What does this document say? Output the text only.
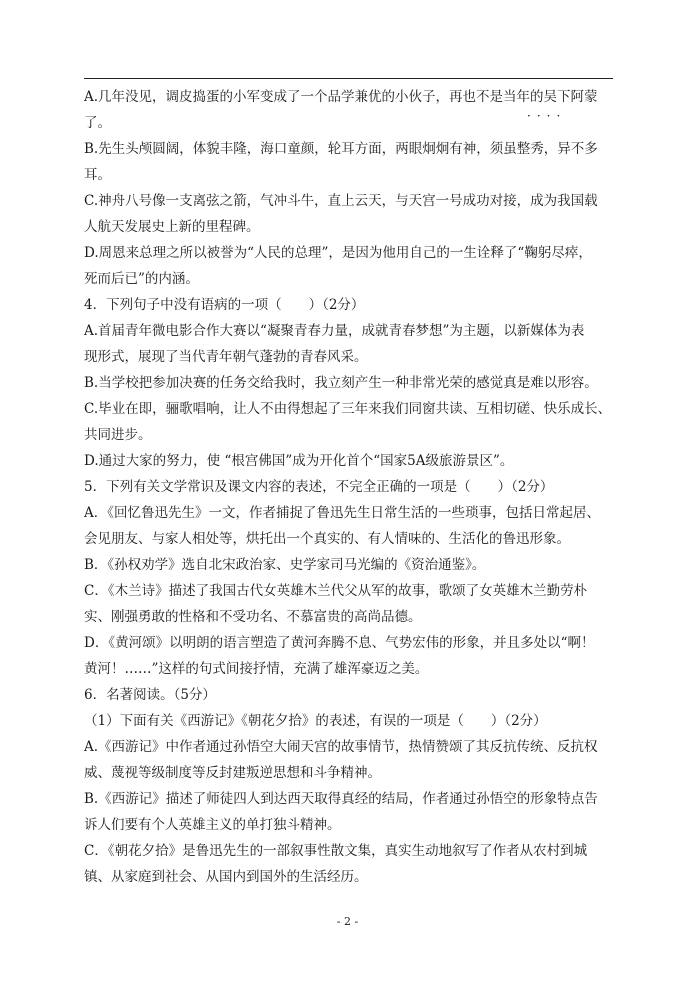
····
A.几年没见，调皮捣蛋的小军变成了一个品学兼优的小伙子，再也不是当年的吴下阿蒙
了。
B.先生头颅圆阔，体貌丰隆，海口童颜，轮耳方面，两眼炯炯有神，须虽整秀，异不多
耳。
C.神舟八号像一支离弦之箭，气冲斗牛，直上云天，与天宫一号成功对接，成为我国载
人航天发展史上新的里程碑。
D.周恩来总理之所以被誉为“人民的总理”，是因为他用自己的一生诠释了“鞠躬尽瘁，
死而后已”的内涵。
4．下列句子中没有语病的一项（　　）（2分）
A.首届青年微电影合作大赛以“凝聚青春力量，成就青春梦想”为主题，以新媒体为表
现形式，展现了当代青年朝气蓬勃的青春风采。
B.当学校把参加决赛的任务交给我时，我立刻产生一种非常光荣的感觉真是难以形容。
C.毕业在即，骊歌唱响，让人不由得想起了三年来我们同窗共读、互相切磋、快乐成长、
共同进步。
D.通过大家的努力，使 “根宫佛国”成为开化首个“国家5A级旅游景区”。
5．下列有关文学常识及课文内容的表述，不完全正确的一项是（　　）（2分）
A．《回忆鲁迅先生》一文，作者捕捉了鲁迅先生日常生活的一些琐事，包括日常起居、
会见朋友、与家人相处等，烘托出一个真实的、有人情味的、生活化的鲁迅形象。
B．《孙权劝学》选自北宋政治家、史学家司马光编的《资治通鉴》。
C．《木兰诗》描述了我国古代女英雄木兰代父从军的故事，歌颂了女英雄木兰勤劳朴
实、刚强勇敢的性格和不受功名、不慕富贵的高尚品德。
D．《黄河颂》以明朗的语言塑造了黄河奔腾不息、气势宏伟的形象，并且多处以“啊！
黄河！……”这样的句式间接抒情，充满了雄浑豪迈之美。
6．名著阅读。（5分）
（1）下面有关《西游记》《朝花夕拾》的表述，有误的一项是（　　）（2分）
A.《西游记》中作者通过孙悟空大闹天宫的故事情节，热情赞颂了其反抗传统、反抗权
威、蔑视等级制度等反封建叛逆思想和斗争精神。
B.《西游记》描述了师徒四人到达西天取得真经的结局，作者通过孙悟空的形象特点告
诉人们要有个人英雄主义的单打独斗精神。
C．《朝花夕拾》是鲁迅先生的一部叙事性散文集，真实生动地叙写了作者从农村到城
镇、从家庭到社会、从国内到国外的生活经历。
- 2 -
